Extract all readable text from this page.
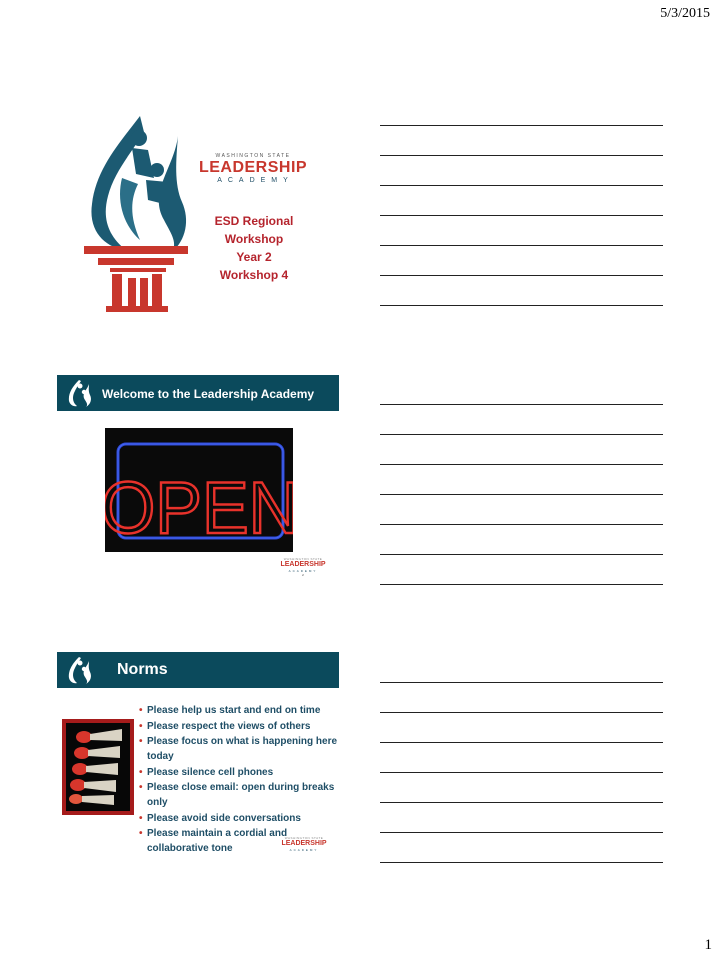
5/3/2015
WASHINGTON STATE
LEADERSHIP
ACADEMY
ESD Regional
Workshop
Year 2
Workshop 4
Welcome to the Leadership Academy
OPEN
WASHINGTON STATE
LEADERSHIP
ACADEMY
2
Norms
• Please help us start and end on time
• Please respect the views of others
• Please focus on what is happening here today
• Please silence cell phones
• Please close email: open during breaks only
• Please avoid side conversations
• Please maintain a cordial and collaborative tone
WASHINGTON STATE
LEADERSHIP
ACADEMY
1
